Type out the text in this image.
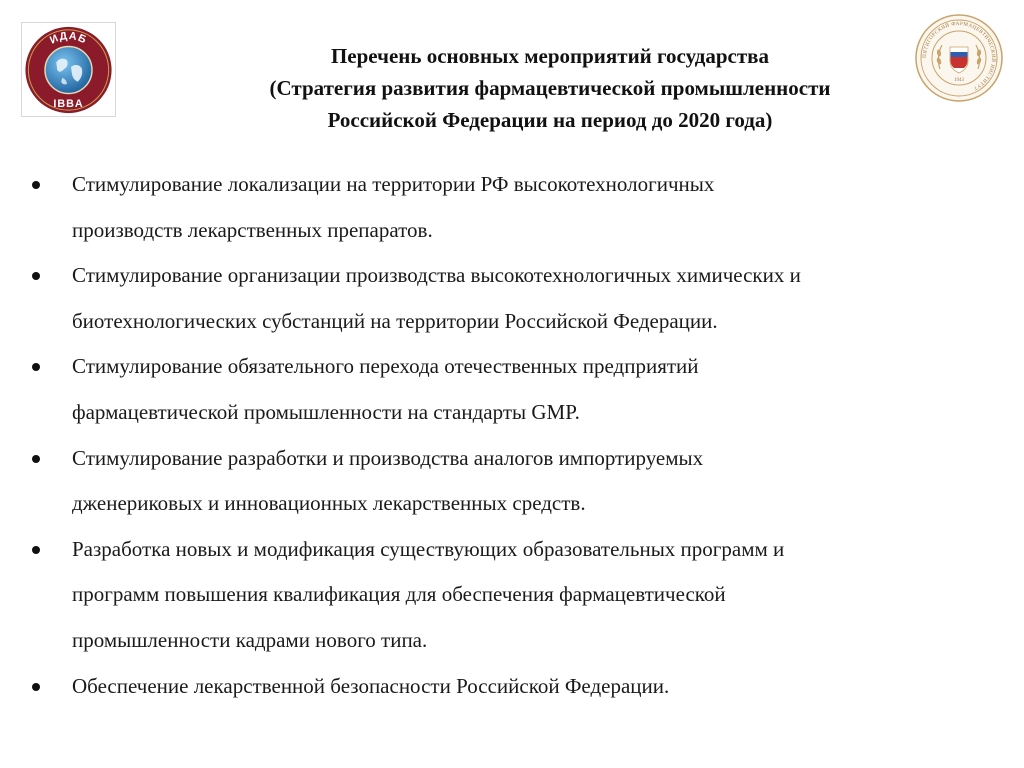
ИДАБ
IBBA
ПЯТИГОРСКИЙ ФАРМАЦЕВТИЧЕСКИЙ ИНСТИТУТ
1943
Перечень основных мероприятий государства
(Стратегия развития фармацевтической промышленности
Российской Федерации на период до 2020 года)
Стимулирование локализации на территории РФ высокотехнологичных
производств лекарственных препаратов.
Стимулирование организации производства высокотехнологичных химических и
биотехнологических субстанций на территории Российской Федерации.
Стимулирование обязательного перехода отечественных предприятий
фармацевтической промышленности на стандарты GMP.
Стимулирование разработки и производства аналогов импортируемых
дженериковых и инновационных лекарственных средств.
Разработка новых и модификация существующих образовательных программ и
программ повышения квалификация для обеспечения фармацевтической
промышленности кадрами нового типа.
Обеспечение лекарственной безопасности Российской Федерации.
